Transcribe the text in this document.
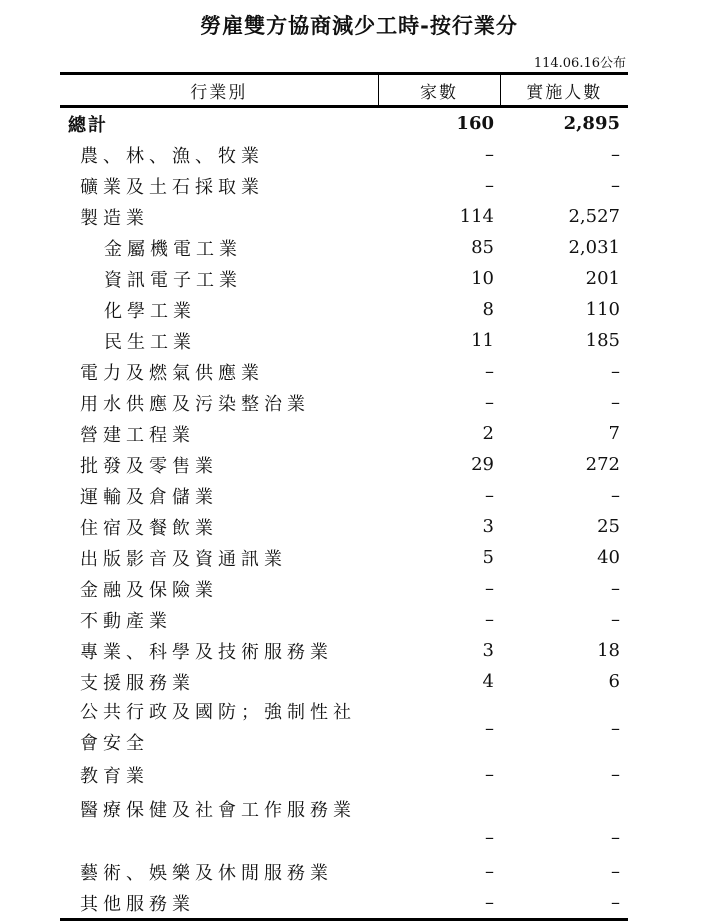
勞雇雙方協商減少工時-按行業分
114.06.16公布
行業別	家數	實施人數
總計	160	2,895
農、林、漁、牧業	–	–
礦業及土石採取業	–	–
製造業	114	2,527
金屬機電工業	85	2,031
資訊電子工業	10	201
化學工業	8	110
民生工業	11	185
電力及燃氣供應業	–	–
用水供應及污染整治業	–	–
營建工程業	2	7
批發及零售業	29	272
運輸及倉儲業	–	–
住宿及餐飲業	3	25
出版影音及資通訊業	5	40
金融及保險業	–	–
不動產業	–	–
專業、科學及技術服務業	3	18
支援服務業	4	6
公共行政及國防；強制性社會安全	–	–
教育業	–	–
醫療保健及社會工作服務業	–	–
藝術、娛樂及休閒服務業	–	–
其他服務業	–	–
